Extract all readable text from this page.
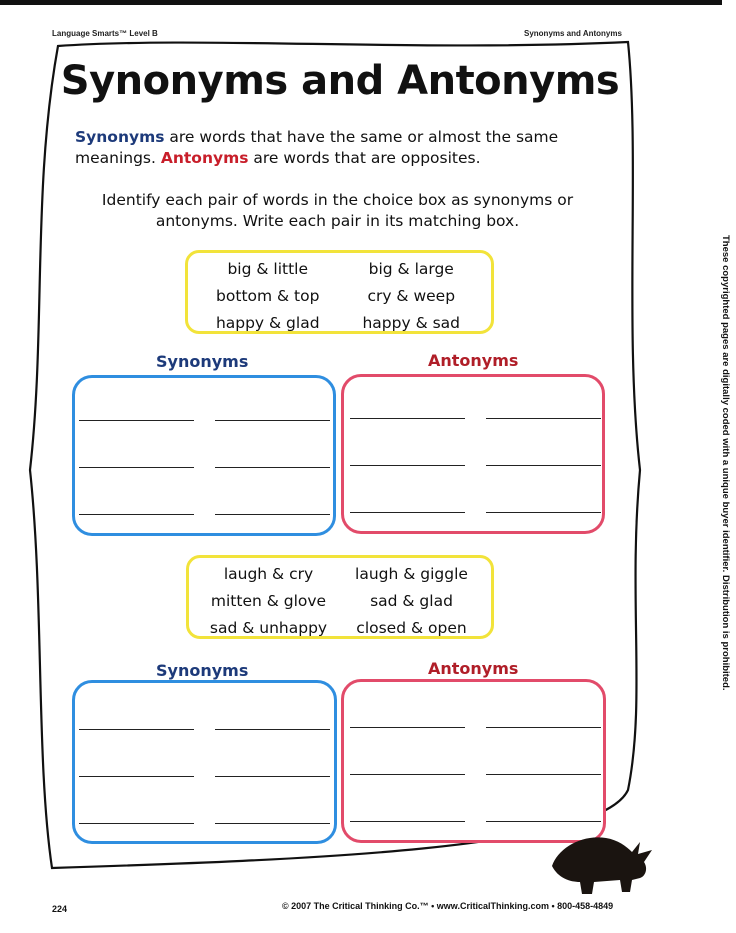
Language Smarts™ Level B	Synonyms and Antonyms
Synonyms and Antonyms
Synonyms are words that have the same or almost the same meanings. Antonyms are words that are opposites.
Identify each pair of words in the choice box as synonyms or antonyms. Write each pair in its matching box.
big & little	big & large
bottom & top	cry & weep
happy & glad	happy & sad
Synonyms	Antonyms
laugh & cry	laugh & giggle
mitten & glove	sad & glad
sad & unhappy	closed & open
Synonyms	Antonyms
224	© 2007 The Critical Thinking Co.™ • www.CriticalThinking.com • 800-458-4849
These copyrighted pages are digitally coded with a unique buyer identifier. Distribution is prohibited.
